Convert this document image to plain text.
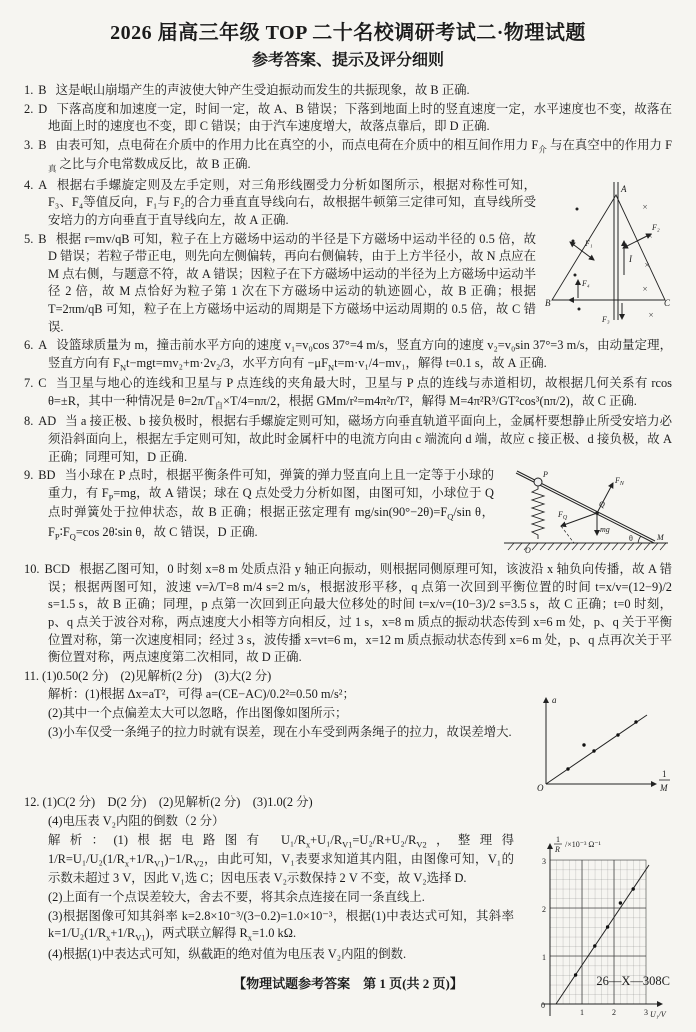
2026 届高三年级 TOP 二十名校调研考试二·物理试题
参考答案、提示及评分细则

1. B 这是岷山崩塌产生的声波使大钟产生受迫振动而发生的共振现象，故 B 正确.

2. D 下落高度和加速度一定，时间一定，故 A、B 错误；下落到地面上时的竖直速度一定，水平速度也不变，故落在地面上时的速度也不变，即 C 错误；由于汽车速度增大，故落点靠后，即 D 正确.

3. B 由表可知，点电荷在介质中的作用力比在真空的小，而点电荷在介质中的相互间作用力 $F_介$ 与在真空中的作用力 $F_真$ 之比与介电常数成反比，故 B 正确.

×
×
×
×
×
A
B	C
I
F₁
F₂
F₃
F₄

4. A 根据右手螺旋定则及左手定则，对三角形线圈受力分析如图所示，根据对称性可知，F₃、F₄等值反向，F₁与 F₂的合力垂直直导线向右，故根据牛顿第三定律可知，直导线所受安培力的方向垂直于直导线向左，故 A 正确.

5. B 根据 r=mv/qB 可知，粒子在上方磁场中运动的半径是下方磁场中运动半径的 0.5 倍，故 D 错误；若粒子带正电，则先向左侧偏转，再向右侧偏转，由于上方半径小，故 N 点应在 M 点右侧，与题意不符，故 A 错误；因粒子在下方磁场中运动的半径为上方磁场中运动半径 2 倍，故 M 点恰好为粒子第 1 次在下方磁场中运动的轨迹圆心，故 B 正确；根据 T=2πm/qB 可知，粒子在上方磁场中运动的周期是下方磁场中运动周期的 0.5 倍，故 C 错误.

6. A 设篮球质量为 m，撞击前水平方向的速度 v₁=v₀cos 37°=4 m/s，竖直方向的速度 v₂=v₀sin 37°=3 m/s，由动量定理，竖直方向有 $F_Nt-mgt=mv_2+m\cdot 2v_2/3$，水平方向有 $-\mu F_Nt=m\cdot v_1/4-mv_1$，解得 t=0.1 s，故 A 正确.

7. C 当卫星与地心的连线和卫星与 P 点连线的夹角最大时，卫星与 P 点的连线与赤道相切，故根据几何关系有 rcos θ=±R，其中一种情况是 $\theta=2\pi/T_自\times T/4=n\pi/2$，根据 GMm/r²=m4π²r/T²，解得 M=4π²R³/GT²cos³(nπ/2)，故 C 正确.

8. AD 当 a 接正极、b 接负极时，根据右手螺旋定则可知，磁场方向垂直轨道平面向上，金属杆要想静止所受安培力必须沿斜面向上，根据左手定则可知，故此时金属杆中的电流方向由 c 端流向 d 端，故应 c 接正极、d 接负极，故 A 正确；同理可知，D 正确.

P
Q
O
M
θ
mg
$F_N$
$F_Q$

9. BD 当小球在 P 点时，根据平衡条件可知，弹簧的弹力竖直向上且一定等于小球的重力，有 $F_P=mg$，故 A 错误；球在 Q 点处受力分析如图，由图可知，小球位于 Q 点时弹簧处于拉伸状态，故 B 正确；根据正弦定理有 $mg/\sin(90^\circ-2\theta)=F_Q/\sin$ θ，$F_P∶F_Q=\cos$ 2θ∶sin θ，故 C 错误，D 正确.

10. BCD 根据乙图可知，0 时刻 x=8 m 处质点沿 y 轴正向振动，则根据同侧原理可知，该波沿 x 轴负向传播，故 A 错误；根据两图可知，波速 v=λ/T=8 m/4 s=2 m/s，根据波形平移，q 点第一次回到平衡位置的时间 t=x/v=(12−9)/2 s=1.5 s，故 B 正确；同理，p 点第一次回到正向最大位移处的时间 t=x/v=(10−3)/2 s=3.5 s，故 C 正确；t=0 时刻，p、q 点关于波谷对称，两点速度大小相等方向相反，过 1 s，x=8 m 质点的振动状态传到 x=6 m 处，p、q 关于平衡位置对称，第一次速度相同；经过 3 s，波传播 x=vt=6 m，x=12 m 质点振动状态传到 x=6 m 处，p、q 点再次关于平衡位置对称，两点速度第二次相同，故 D 正确.

11. (1)0.50(2 分)　(2)见解析(2 分)　(3)大(2 分)

a
O
1
M

解析：(1)根据 Δx=aT²，可得 a=(CE−AC)/0.2²=0.50 m/s²；

(2)其中一个点偏差太大可以忽略，作出图像如图所示；

(3)小车仅受一条绳子的拉力时就有误差，现在小车受到两条绳子的拉力，故误差增大.

12. (1)C(2 分)　D(2 分)　(2)见解析(2 分)　(3)1.0(2 分)

(4)电压表 V₂内阻的倒数（2 分）

1
R
/×10⁻³ Ω⁻¹
0
1
2
3
1	2	3 U₁/V

解析：(1)根据电路图有 $U_1/R_x+U_1/R_{V1}=U_2/R+U_2/R_{V2}$，整理得 $1/R=U_1/U_2(1/R_x+1/R_{V1})-1/R_{V2}$，由此可知，V₁表要求知道其内阻，由图像可知，V₁的示数未超过 3 V，因此 V₁选 C；因电压表 V₂示数保持 2 V 不变，故 V₂选择 D.

(2)上面有一个点误差较大，舍去不要，将其余点连接在同一条直线上.

(3)根据图像可知其斜率 k=2.8×10⁻³/(3−0.2)=1.0×10⁻³，根据(1)中表达式可知，其斜率 $k=1/U_2(1/R_x+1/R_{V1})$，两式联立解得 $R_x=1.0$ kΩ.

(4)根据(1)中表达式可知，纵截距的绝对值为电压表 V₂内阻的倒数.

【物理试题参考答案　第 1 页(共 2 页)】	26—X—308C
